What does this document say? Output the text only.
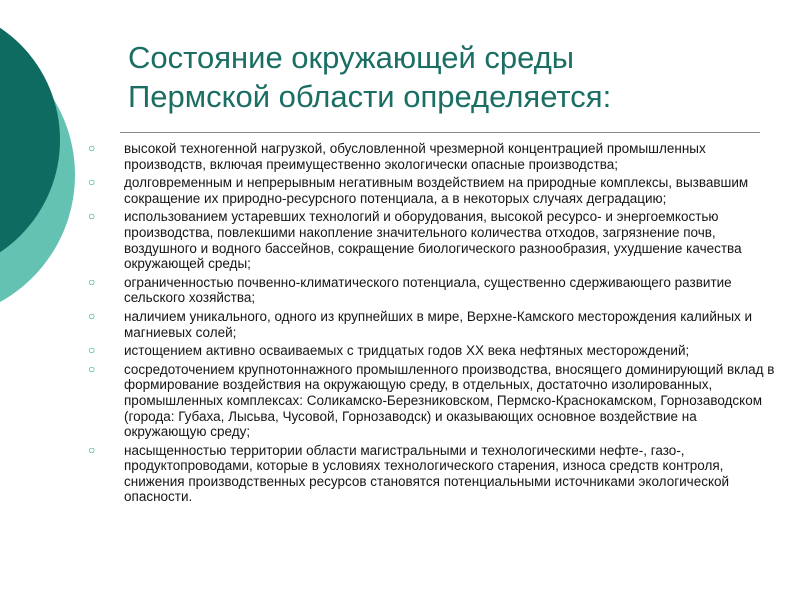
Состояние окружающей среды
Пермской области определяется:
○ высокой техногенной нагрузкой, обусловленной чрезмерной концентрацией промышленных производств, включая преимущественно экологически опасные производства;
○ долговременным и непрерывным негативным воздействием на природные комплексы, вызвавшим сокращение их природно-ресурсного потенциала, а в некоторых случаях деградацию;
○ использованием устаревших технологий и оборудования, высокой ресурсо- и энергоемкостью производства, повлекшими накопление значительного количества отходов, загрязнение почв, воздушного и водного бассейнов, сокращение биологического разнообразия, ухудшение качества окружающей среды;
○ ограниченностью почвенно-климатического потенциала, существенно сдерживающего развитие сельского хозяйства;
○ наличием уникального, одного из крупнейших в мире, Верхне-Камского месторождения калийных и магниевых солей;
○ истощением активно осваиваемых с тридцатых годов XX века нефтяных месторождений;
○ сосредоточением крупнотоннажного промышленного производства, вносящего доминирующий вклад в формирование воздействия на окружающую среду, в отдельных, достаточно изолированных, промышленных комплексах: Соликамско-Березниковском, Пермско-Краснокамском, Горнозаводском (города: Губаха, Лысьва, Чусовой, Горнозаводск) и оказывающих основное воздействие на окружающую среду;
○ насыщенностью территории области магистральными и технологическими нефте-, газо-, продуктопроводами, которые в условиях технологического старения, износа средств контроля, снижения производственных ресурсов становятся потенциальными источниками экологической опасности.
